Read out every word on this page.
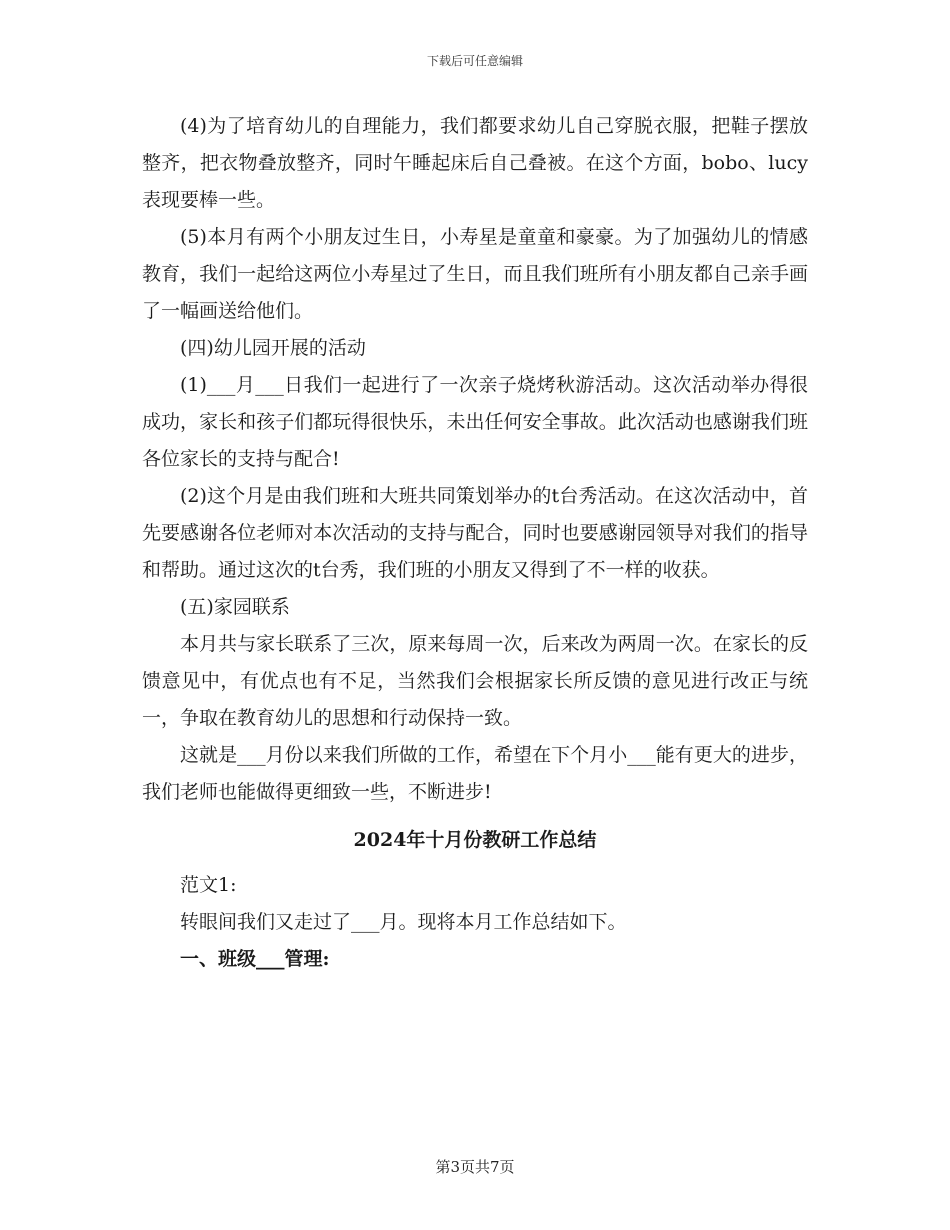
下载后可任意编辑

(4)为了培育幼儿的自理能力，我们都要求幼儿自己穿脱衣服，把鞋子摆放整齐，把衣物叠放整齐，同时午睡起床后自己叠被。在这个方面，bobo、lucy表现要棒一些。

(5)本月有两个小朋友过生日，小寿星是童童和豪豪。为了加强幼儿的情感教育，我们一起给这两位小寿星过了生日，而且我们班所有小朋友都自己亲手画了一幅画送给他们。

(四)幼儿园开展的活动

(1)___月___日我们一起进行了一次亲子烧烤秋游活动。这次活动举办得很成功，家长和孩子们都玩得很快乐，未出任何安全事故。此次活动也感谢我们班各位家长的支持与配合!

(2)这个月是由我们班和大班共同策划举办的t台秀活动。在这次活动中，首先要感谢各位老师对本次活动的支持与配合，同时也要感谢园领导对我们的指导和帮助。通过这次的t台秀，我们班的小朋友又得到了不一样的收获。

(五)家园联系

本月共与家长联系了三次，原来每周一次，后来改为两周一次。在家长的反馈意见中，有优点也有不足，当然我们会根据家长所反馈的意见进行改正与统一，争取在教育幼儿的思想和行动保持一致。

这就是___月份以来我们所做的工作，希望在下个月小___能有更大的进步，我们老师也能做得更细致一些，不断进步!

2024年十月份教研工作总结

范文1:

转眼间我们又走过了___月。现将本月工作总结如下。

一、班级___管理:

第3页共7页
